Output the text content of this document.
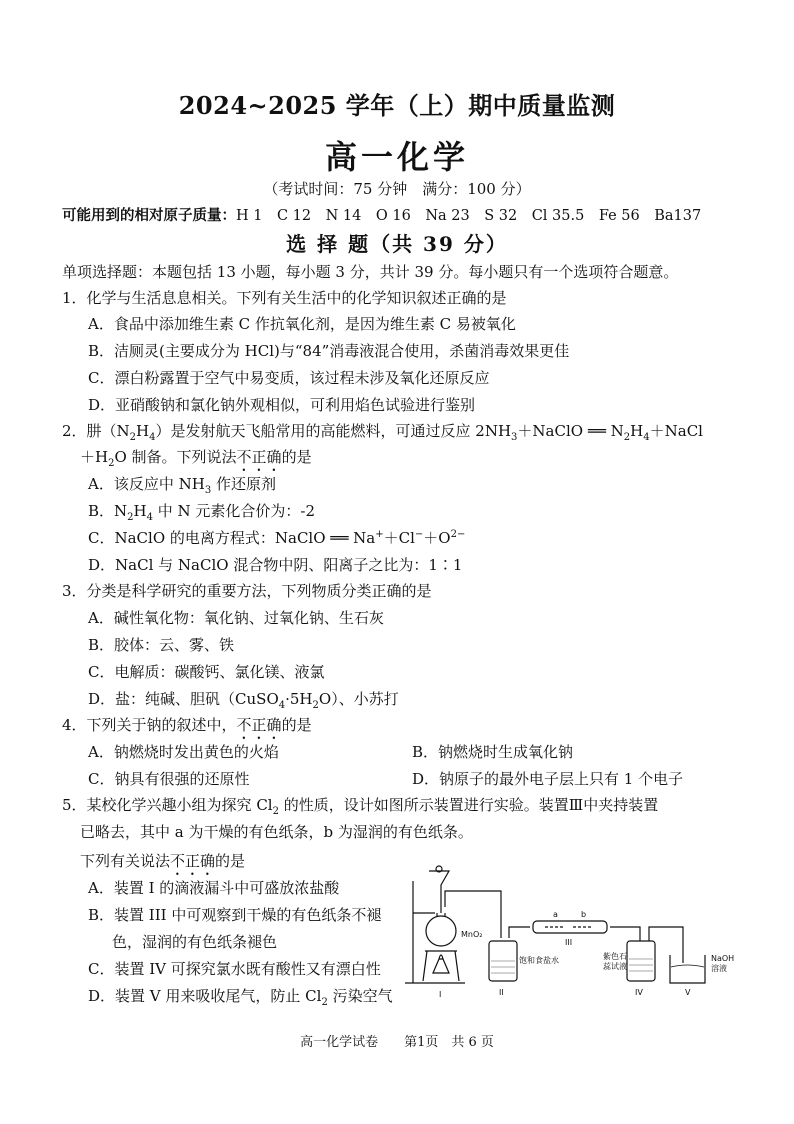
2024~2025 学年（上）期中质量监测
高一化学
（考试时间：75 分钟　满分：100 分）
可能用到的相对原子质量：H 1　C 12　N 14　O 16　Na 23　S 32　Cl 35.5　Fe 56　Ba137
选 择 题（共 39 分）
单项选择题：本题包括 13 小题，每小题 3 分，共计 39 分。每小题只有一个选项符合题意。
1．化学与生活息息相关。下列有关生活中的化学知识叙述正确的是
A．食品中添加维生素 C 作抗氧化剂，是因为维生素 C 易被氧化
B．洁厕灵(主要成分为 HCl)与“84”消毒液混合使用，杀菌消毒效果更佳
C．漂白粉露置于空气中易变质，该过程未涉及氧化还原反应
D．亚硝酸钠和氯化钠外观相似，可利用焰色试验进行鉴别
2．肼$(N_2H_4)$是发射航天飞船常用的高能燃料，可通过反应 $2NH_3+NaClO$ ══ $N_2H_4+NaCl$
$+H_2O$ 制备。下列说法不正确的是
A．该反应中 $NH_3$ 作还原剂
B．$N_2H_4$ 中 N 元素化合价为：-2
C．NaClO 的电离方程式：NaClO ══ $Na^++Cl^-+O^{2-}$
D．NaCl 与 NaClO 混合物中阴、阳离子之比为：1∶1
3．分类是科学研究的重要方法，下列物质分类正确的是
A．碱性氧化物：氧化钠、过氧化钠、生石灰
B．胶体：云、雾、铁
C．电解质：碳酸钙、氯化镁、液氯
D．盐：纯碱、胆矾$(CuSO_4\cdot 5H_2O)$、小苏打
4．下列关于钠的叙述中，不正确的是
A．钠燃烧时发出黄色的火焰	B．钠燃烧时生成氧化钠
C．钠具有很强的还原性	D．钠原子的最外电子层上只有 1 个电子
5．某校化学兴趣小组为探究 $Cl_2$ 的性质，设计如图所示装置进行实验。装置Ⅲ中夹持装置
已略去，其中 a 为干燥的有色纸条，b 为湿润的有色纸条。
下列有关说法不正确的是
A．装置 I 的滴液漏斗中可盛放浓盐酸
B．装置 III 中可观察到干燥的有色纸条不褪
色，湿润的有色纸条褪色
C．装置 IV 可探究氯水既有酸性又有漂白性
D．装置 V 用来吸收尾气，防止 $Cl_2$ 污染空气
MnO₂
I
饱和食盐水
II
a	b
III
紫色石
蕊试液
IV
NaOH
溶液
V
高一化学试卷　　第1页　共 6 页
